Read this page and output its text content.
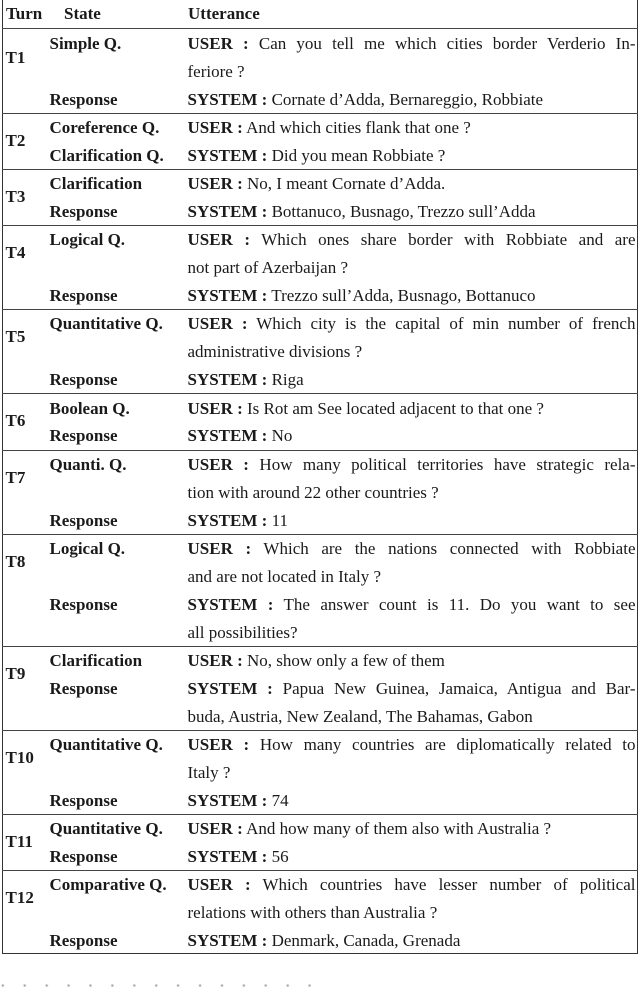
Turn State	Utterance
T1
Simple Q.	USER : Can you tell me which cities border Verderio In-
feriore ?
Response	SYSTEM : Cornate d’Adda, Bernareggio, Robbiate
T2
Coreference Q. USER : And which cities flank that one ?
Clarification Q. SYSTEM : Did you mean Robbiate ?
T3
Clarification	USER : No, I meant Cornate d’Adda.
Response	SYSTEM : Bottanuco, Busnago, Trezzo sull’Adda
T4
Logical Q.	USER : Which ones share border with Robbiate and are
not part of Azerbaijan ?
Response	SYSTEM : Trezzo sull’Adda, Busnago, Bottanuco
T5
Quantitative Q. USER : Which city is the capital of min number of french
administrative divisions ?
Response	SYSTEM : Riga
T6
Boolean Q.	USER : Is Rot am See located adjacent to that one ?
Response	SYSTEM : No
T7
Quanti. Q.	USER : How many political territories have strategic rela-
tion with around 22 other countries ?
Response	SYSTEM : 11
T8
Logical Q.	USER : Which are the nations connected with Robbiate
and are not located in Italy ?
Response	SYSTEM : The answer count is 11. Do you want to see
all possibilities?
T9
Clarification	USER : No, show only a few of them
Response	SYSTEM : Papua New Guinea, Jamaica, Antigua and Bar-
buda, Austria, New Zealand, The Bahamas, Gabon
T10
Quantitative Q. USER : How many countries are diplomatically related to
Italy ?
Response	SYSTEM : 74
T11
Quantitative Q. USER : And how many of them also with Australia ?
Response	SYSTEM : 56
T12
Comparative Q. USER : Which countries have lesser number of political
relations with others than Australia ?
Response	SYSTEM : Denmark, Canada, Grenada
· · · · · · · · · · · · · · ·
